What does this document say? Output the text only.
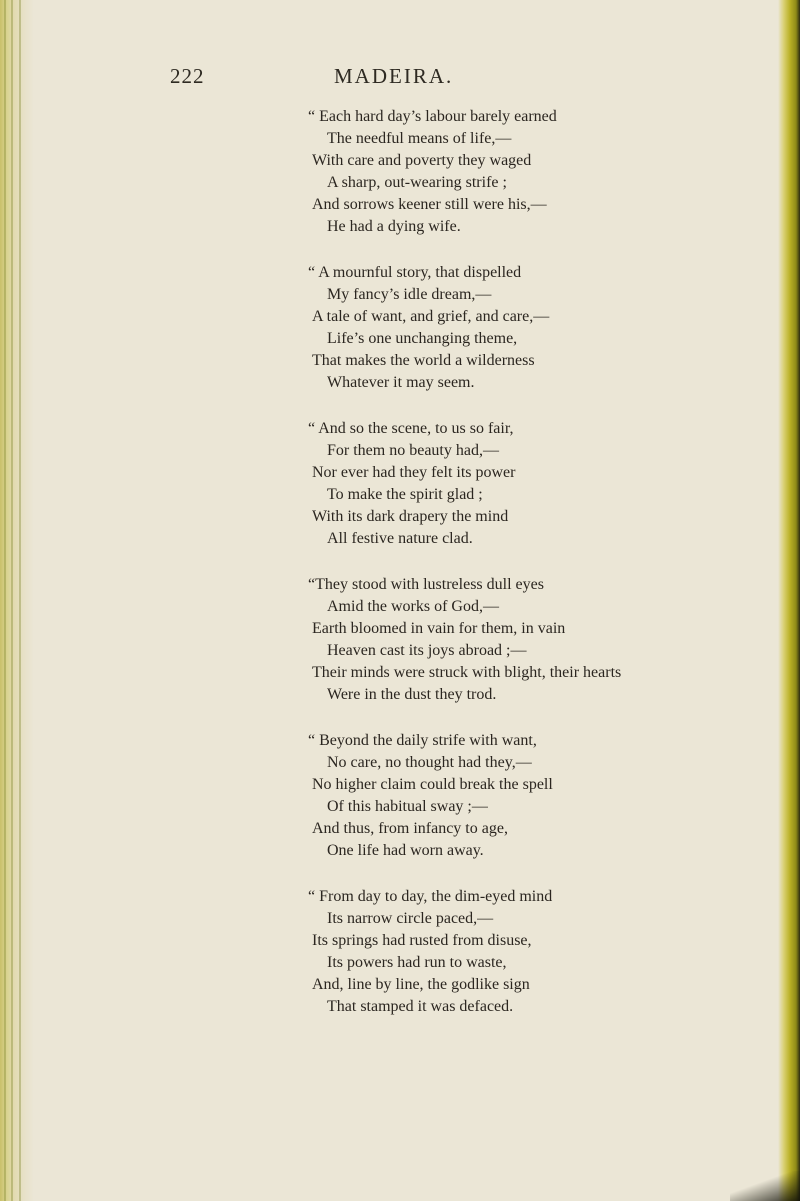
222	MADEIRA.
“ Each hard day’s labour barely earned
The needful means of life,—
With care and poverty they waged
A sharp, out-wearing strife ;
And sorrows keener still were his,—
He had a dying wife.
“ A mournful story, that dispelled
My fancy’s idle dream,—
A tale of want, and grief, and care,—
Life’s one unchanging theme,
That makes the world a wilderness
Whatever it may seem.
“ And so the scene, to us so fair,
For them no beauty had,—
Nor ever had they felt its power
To make the spirit glad ;
With its dark drapery the mind
All festive nature clad.
“They stood with lustreless dull eyes
Amid the works of God,—
Earth bloomed in vain for them, in vain
Heaven cast its joys abroad ;—
Their minds were struck with blight, their hearts
Were in the dust they trod.
“ Beyond the daily strife with want,
No care, no thought had they,—
No higher claim could break the spell
Of this habitual sway ;—
And thus, from infancy to age,
One life had worn away.
“ From day to day, the dim-eyed mind
Its narrow circle paced,—
Its springs had rusted from disuse,
Its powers had run to waste,
And, line by line, the godlike sign
That stamped it was defaced.
